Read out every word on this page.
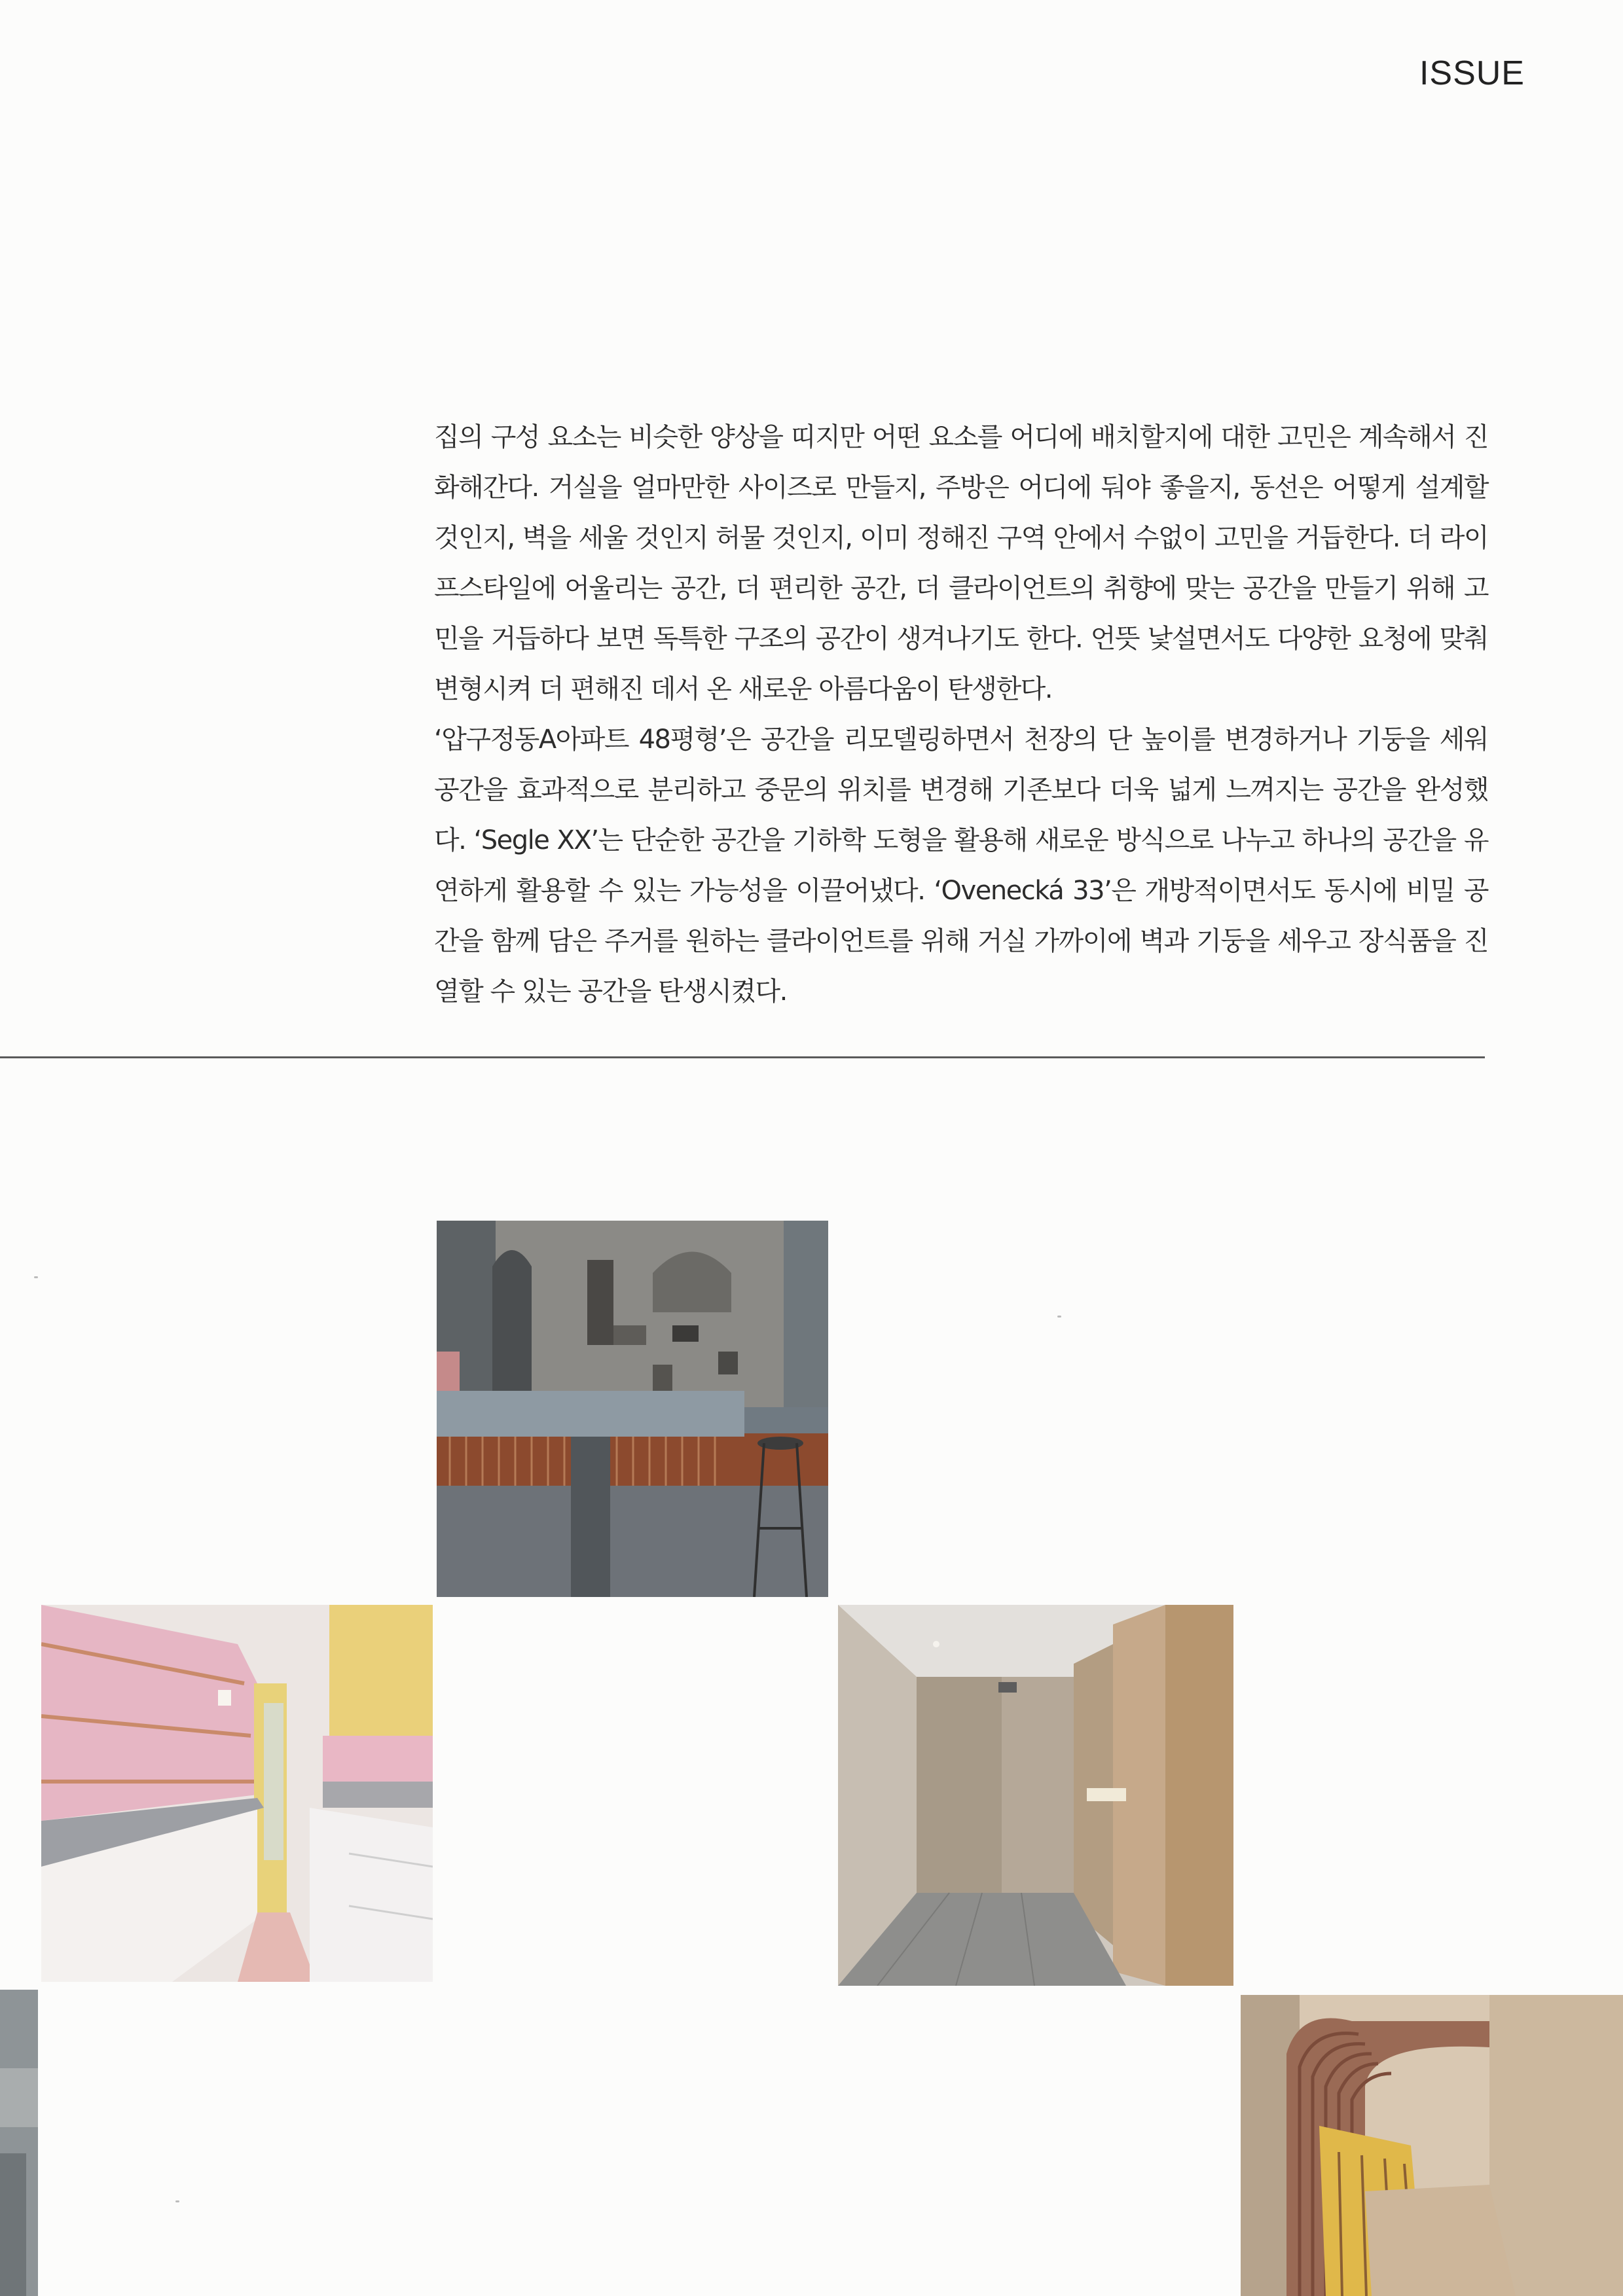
ISSUE

집의 구성 요소는 비슷한 양상을 띠지만 어떤 요소를 어디에 배치할지에 대한 고민은 계속해서 진화해간다. 거실을 얼마만한 사이즈로 만들지, 주방은 어디에 둬야 좋을지, 동선은 어떻게 설계할 것인지, 벽을 세울 것인지 허물 것인지, 이미 정해진 구역 안에서 수없이 고민을 거듭한다. 더 라이프스타일에 어울리는 공간, 더 편리한 공간, 더 클라이언트의 취향에 맞는 공간을 만들기 위해 고민을 거듭하다 보면 독특한 구조의 공간이 생겨나기도 한다. 언뜻 낯설면서도 다양한 요청에 맞춰 변형시켜 더 편해진 데서 온 새로운 아름다움이 탄생한다.

‘압구정동A아파트 48평형’은 공간을 리모델링하면서 천장의 단 높이를 변경하거나 기둥을 세워 공간을 효과적으로 분리하고 중문의 위치를 변경해 기존보다 더욱 넓게 느껴지는 공간을 완성했다. ‘Segle XX’는 단순한 공간을 기하학 도형을 활용해 새로운 방식으로 나누고 하나의 공간을 유연하게 활용할 수 있는 가능성을 이끌어냈다. ‘Ovenecká 33’은 개방적이면서도 동시에 비밀 공간을 함께 담은 주거를 원하는 클라이언트를 위해 거실 가까이에 벽과 기둥을 세우고 장식품을 진열할 수 있는 공간을 탄생시켰다.
